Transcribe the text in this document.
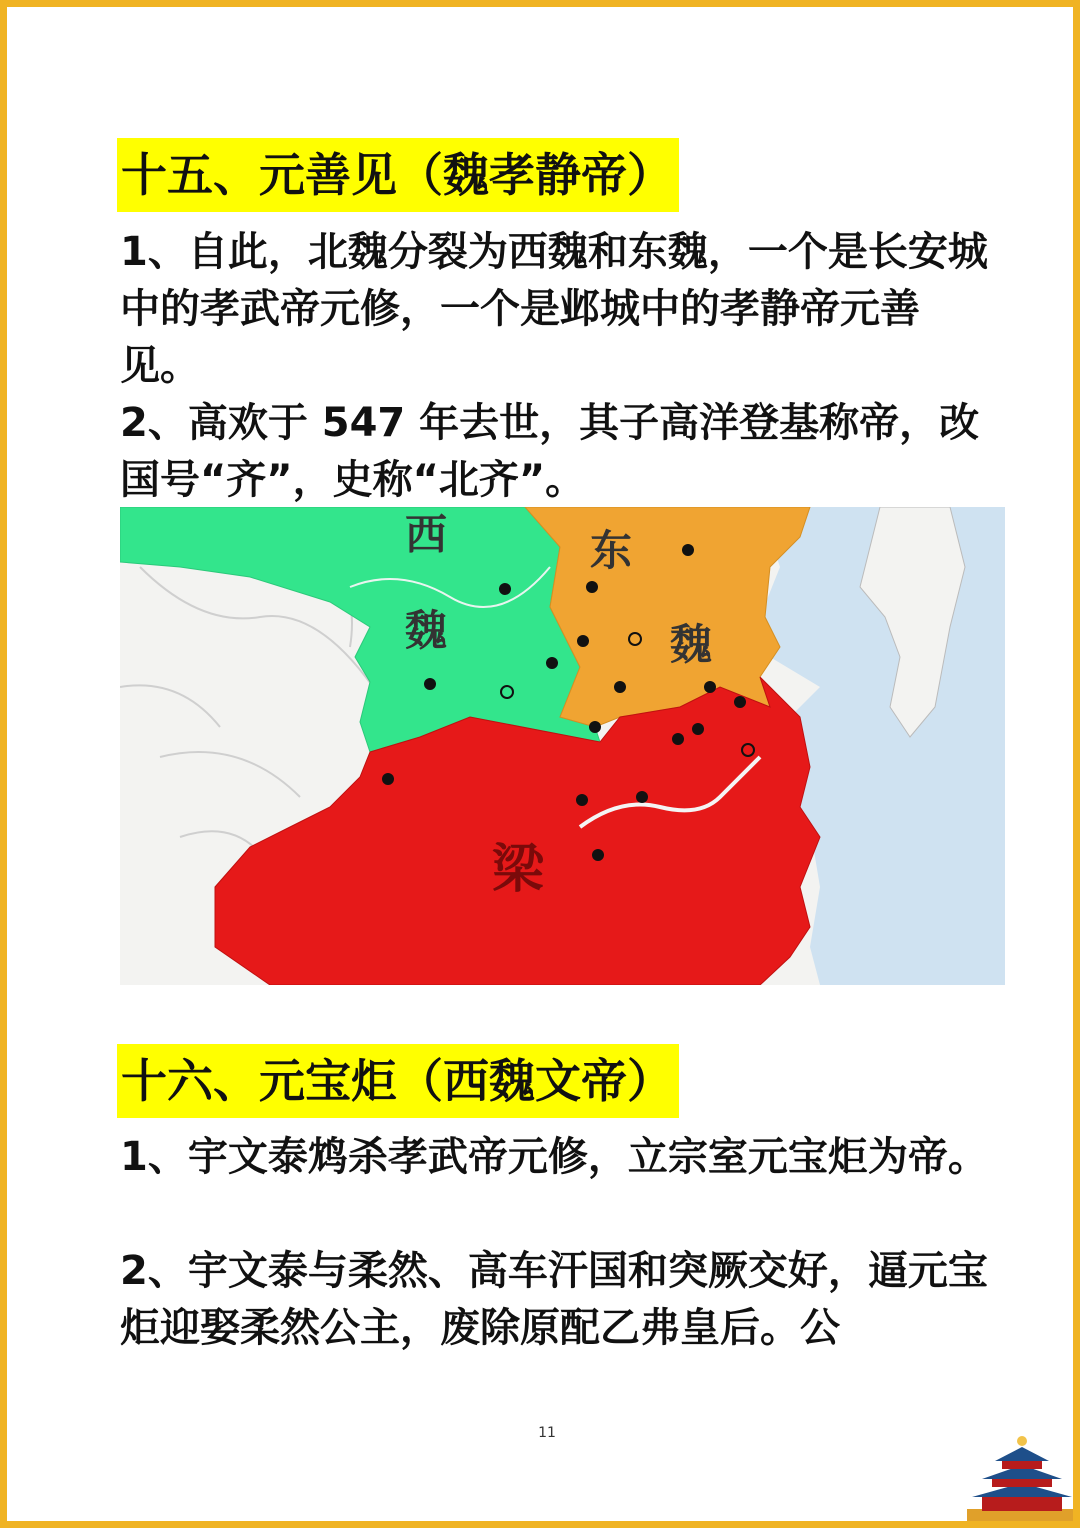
十五、元善见（魏孝静帝）

1、自此，北魏分裂为西魏和东魏，一个是长安城中的孝武帝元修，一个是邺城中的孝静帝元善见。

2、高欢于 547 年去世，其子高洋登基称帝，改国号“齐”，史称“北齐”。

西
魏
东
魏
梁
十六、元宝炬（西魏文帝）

1、宇文泰鸩杀孝武帝元修，立宗室元宝炬为帝。

2、宇文泰与柔然、高车汗国和突厥交好，逼元宝炬迎娶柔然公主，废除原配乙弗皇后。公

11
